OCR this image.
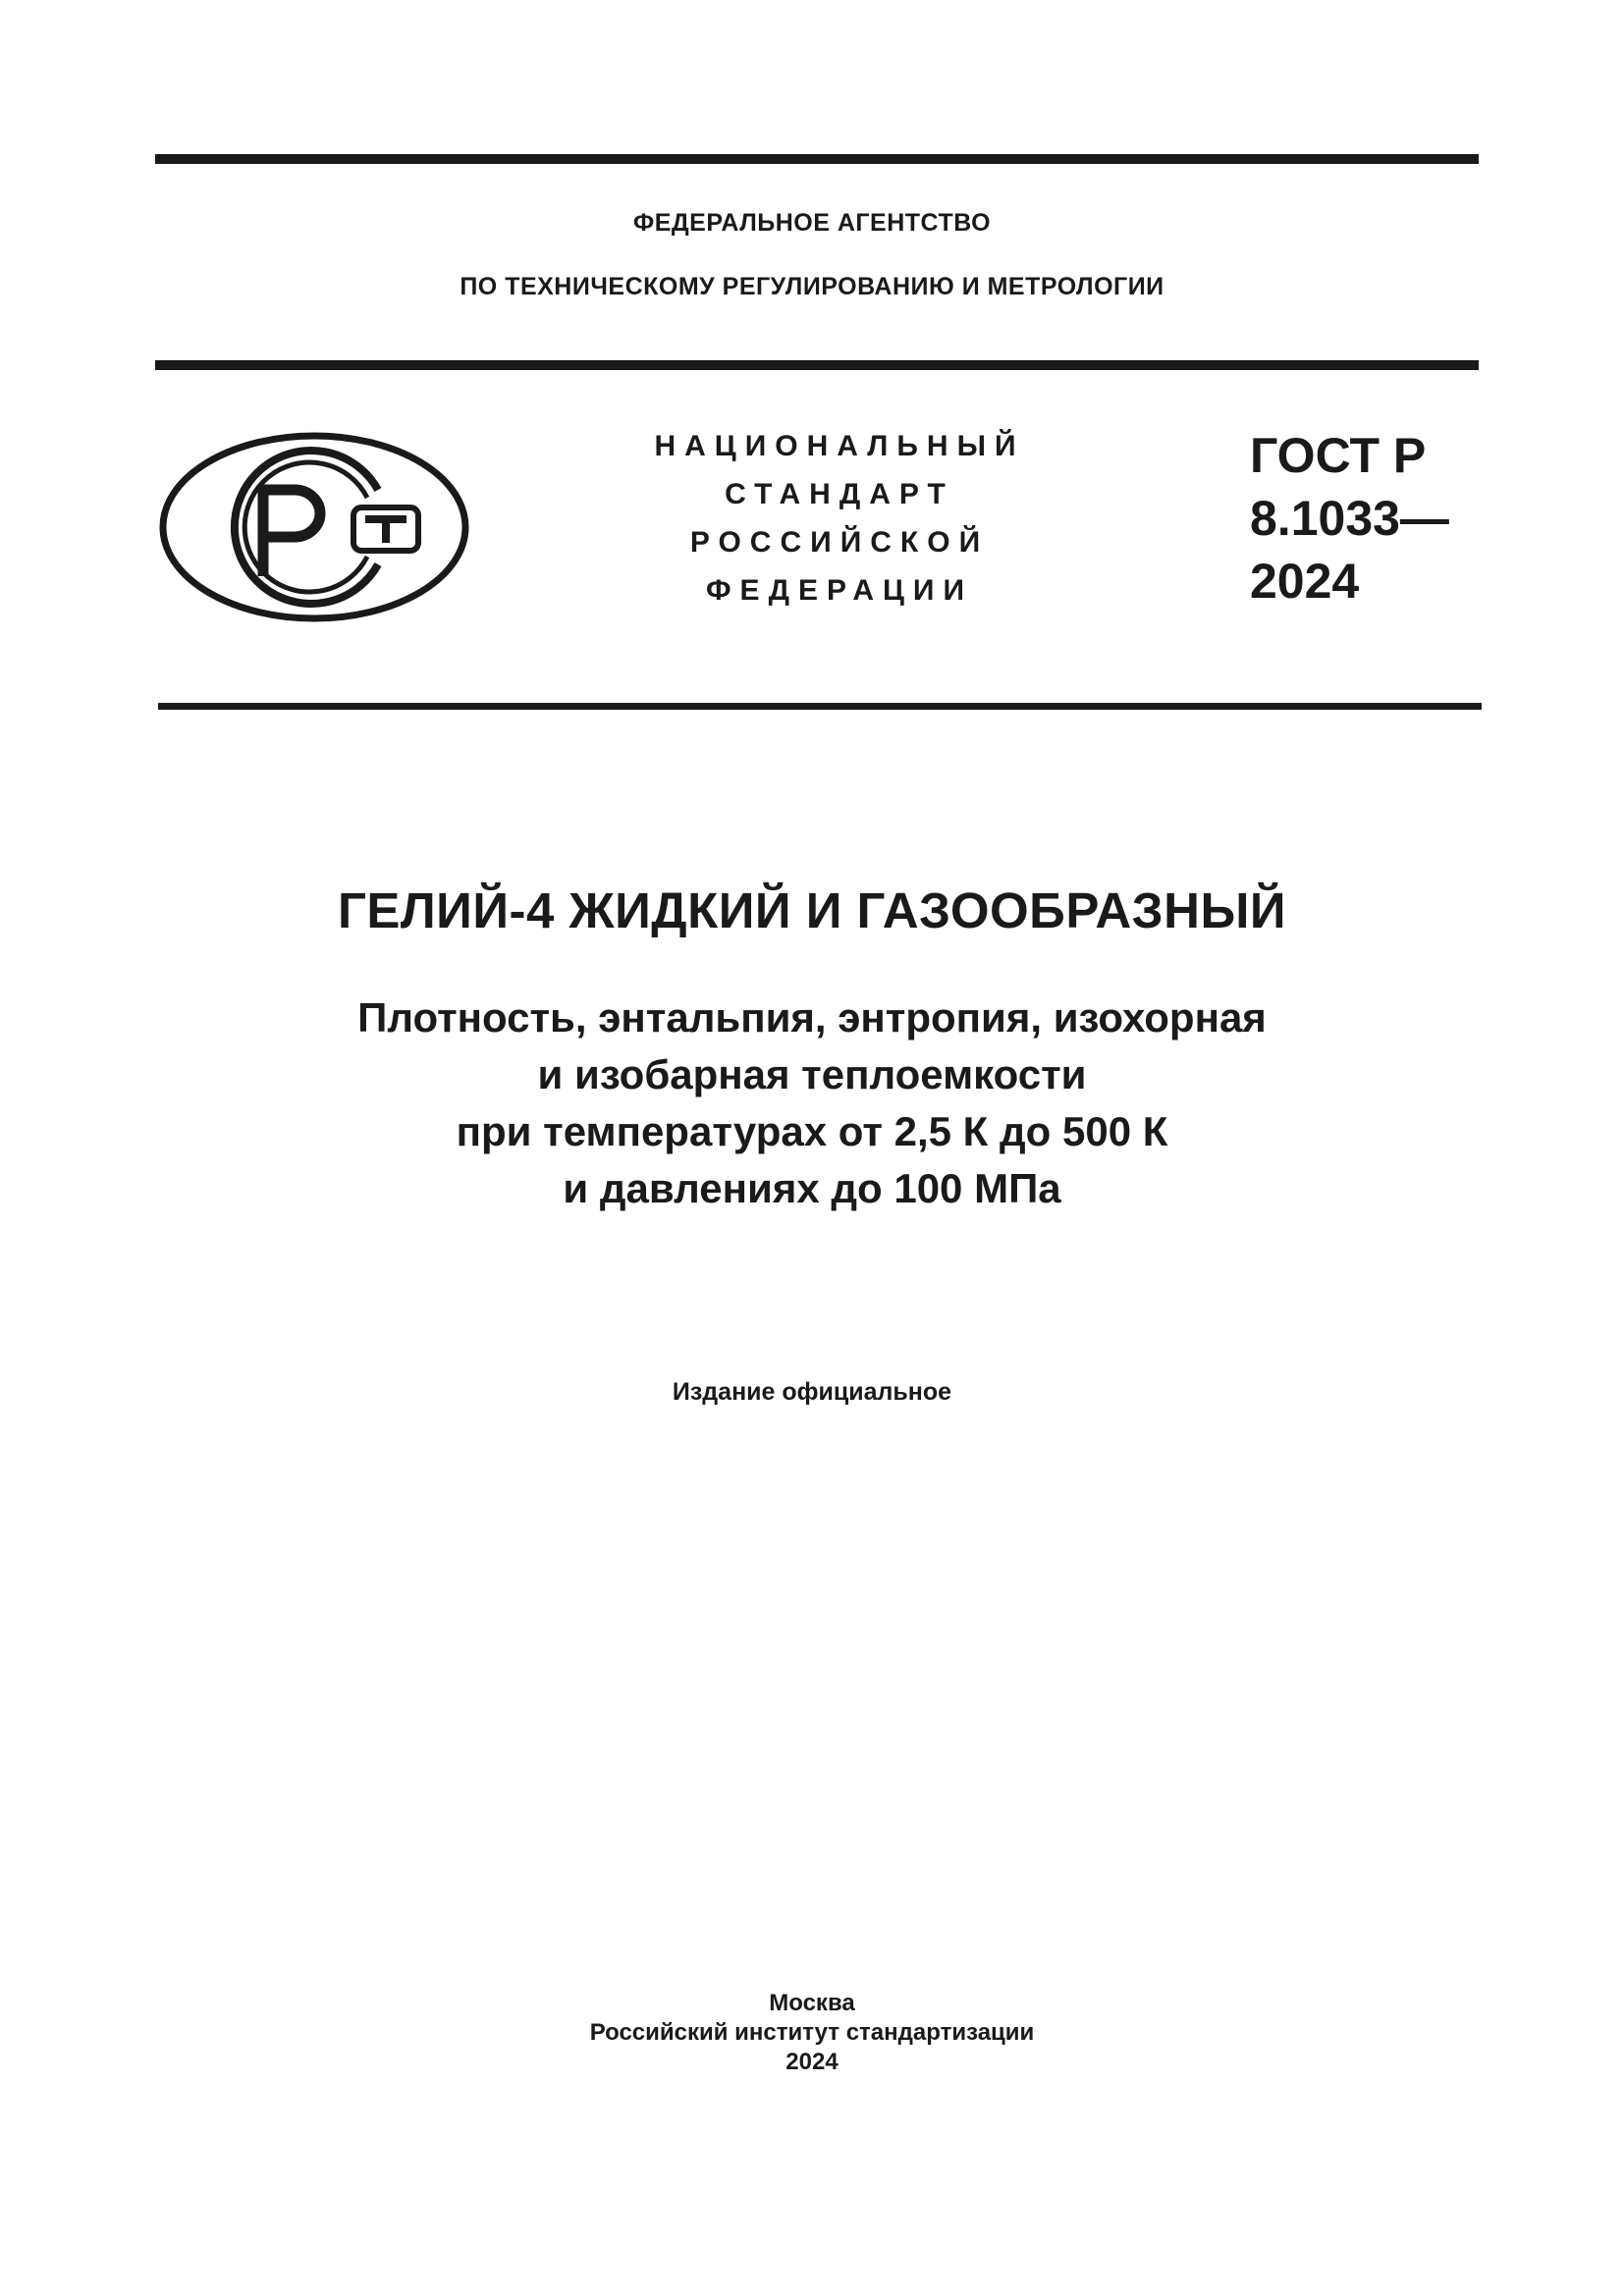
ФЕДЕРАЛЬНОЕ АГЕНТСТВО
ПО ТЕХНИЧЕСКОМУ РЕГУЛИРОВАНИЮ И МЕТРОЛОГИИ
НАЦИОНАЛЬНЫЙ
СТАНДАРТ
РОССИЙСКОЙ
ФЕДЕРАЦИИ
ГОСТ Р
8.1033—
2024
ГЕЛИЙ-4 ЖИДКИЙ И ГАЗООБРАЗНЫЙ
Плотность, энтальпия, энтропия, изохорная
и изобарная теплоемкости
при температурах от 2,5 К до 500 К
и давлениях до 100 МПа
Издание официальное
Москва
Российский институт стандартизации
2024
